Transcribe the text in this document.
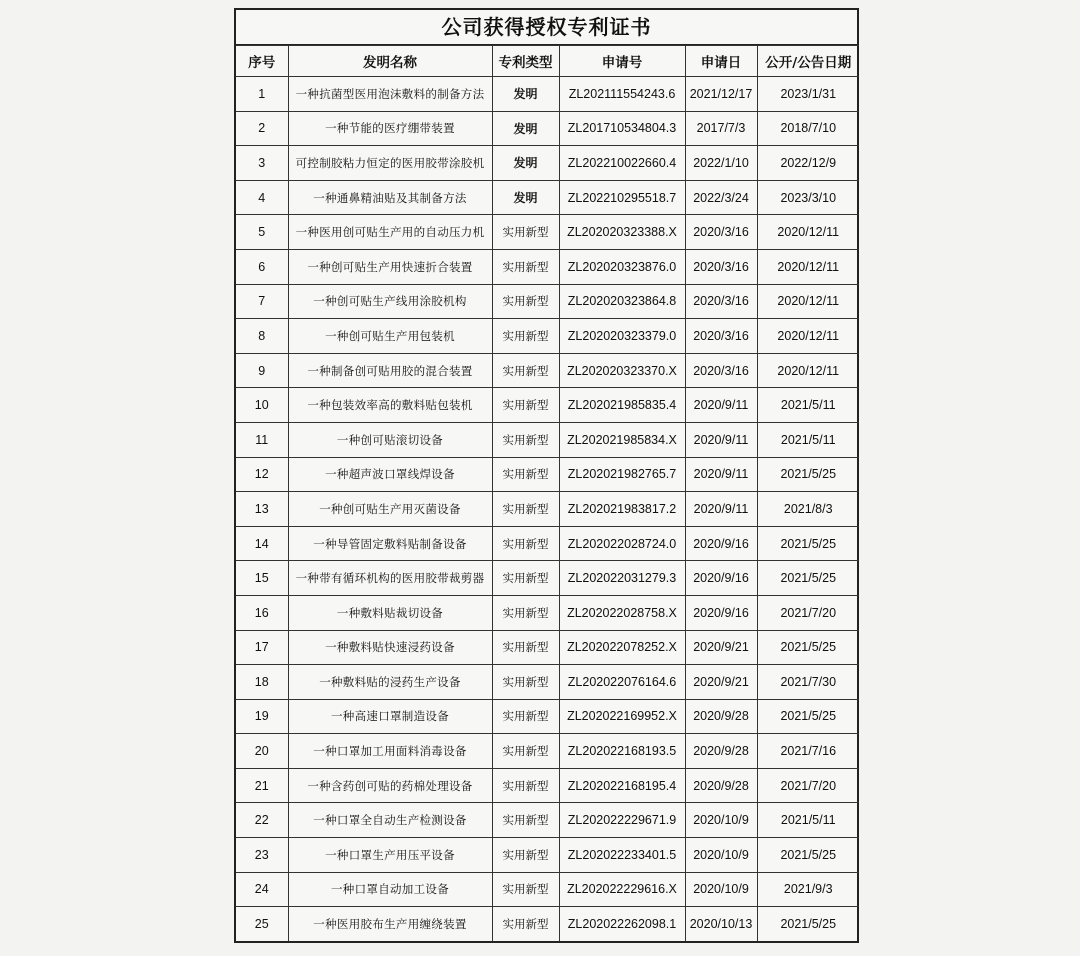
公司获得授权专利证书
序号	发明名称	专利类型	申请号	申请日	公开/公告日期
1	一种抗菌型医用泡沫敷料的制备方法	发明	ZL202111554243.6	2021/12/17	2023/1/31
2	一种节能的医疗绷带装置	发明	ZL201710534804.3	2017/7/3	2018/7/10
3	可控制胶粘力恒定的医用胶带涂胶机	发明	ZL202210022660.4	2022/1/10	2022/12/9
4	一种通鼻精油贴及其制备方法	发明	ZL202210295518.7	2022/3/24	2023/3/10
5	一种医用创可贴生产用的自动压力机	实用新型	ZL202020323388.X	2020/3/16	2020/12/11
6	一种创可贴生产用快速折合装置	实用新型	ZL202020323876.0	2020/3/16	2020/12/11
7	一种创可贴生产线用涂胶机构	实用新型	ZL202020323864.8	2020/3/16	2020/12/11
8	一种创可贴生产用包装机	实用新型	ZL202020323379.0	2020/3/16	2020/12/11
9	一种制备创可贴用胶的混合装置	实用新型	ZL202020323370.X	2020/3/16	2020/12/11
10	一种包装效率高的敷料贴包装机	实用新型	ZL202021985835.4	2020/9/11	2021/5/11
11	一种创可贴滚切设备	实用新型	ZL202021985834.X	2020/9/11	2021/5/11
12	一种超声波口罩线焊设备	实用新型	ZL202021982765.7	2020/9/11	2021/5/25
13	一种创可贴生产用灭菌设备	实用新型	ZL202021983817.2	2020/9/11	2021/8/3
14	一种导管固定敷料贴制备设备	实用新型	ZL202022028724.0	2020/9/16	2021/5/25
15	一种带有循环机构的医用胶带裁剪器	实用新型	ZL202022031279.3	2020/9/16	2021/5/25
16	一种敷料贴裁切设备	实用新型	ZL202022028758.X	2020/9/16	2021/7/20
17	一种敷料贴快速浸药设备	实用新型	ZL202022078252.X	2020/9/21	2021/5/25
18	一种敷料贴的浸药生产设备	实用新型	ZL202022076164.6	2020/9/21	2021/7/30
19	一种高速口罩制造设备	实用新型	ZL202022169952.X	2020/9/28	2021/5/25
20	一种口罩加工用面料消毒设备	实用新型	ZL202022168193.5	2020/9/28	2021/7/16
21	一种含药创可贴的药棉处理设备	实用新型	ZL202022168195.4	2020/9/28	2021/7/20
22	一种口罩全自动生产检测设备	实用新型	ZL202022229671.9	2020/10/9	2021/5/11
23	一种口罩生产用压平设备	实用新型	ZL202022233401.5	2020/10/9	2021/5/25
24	一种口罩自动加工设备	实用新型	ZL202022229616.X	2020/10/9	2021/9/3
25	一种医用胶布生产用缠绕装置	实用新型	ZL202022262098.1	2020/10/13	2021/5/25
